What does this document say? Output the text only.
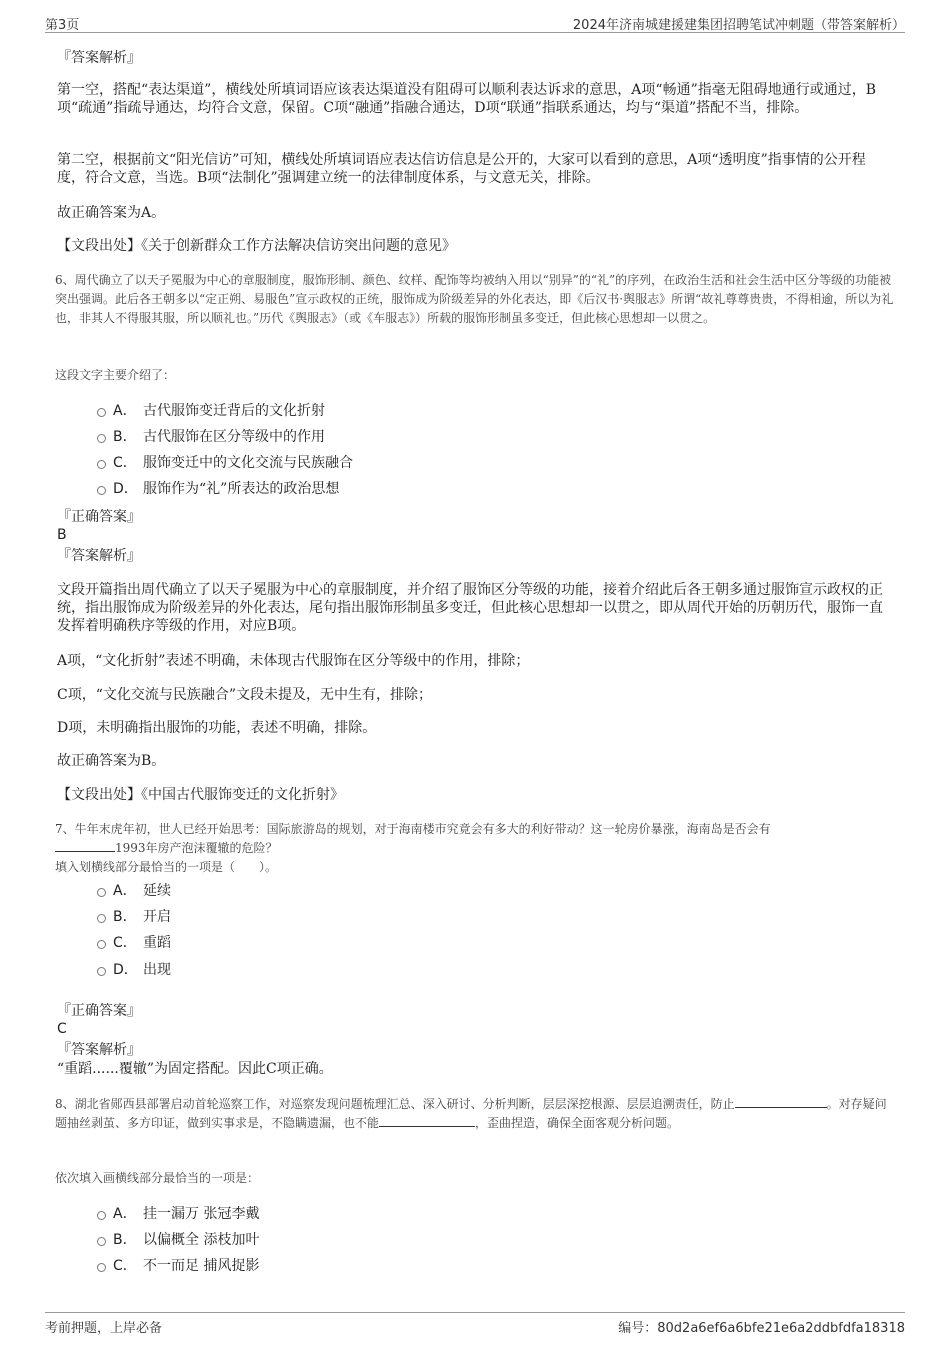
第3页	2024年济南城建援建集团招聘笔试冲刺题（带答案解析）
『答案解析』
第一空，搭配“表达渠道”，横线处所填词语应该表达渠道没有阻碍可以顺利表达诉求的意思，A项“畅通”指毫无阻碍地通行或通过，B项“疏通”指疏导通达，均符合文意，保留。C项“融通”指融合通达，D项“联通”指联系通达，均与“渠道”搭配不当，排除。
第二空，根据前文“阳光信访”可知，横线处所填词语应表达信访信息是公开的，大家可以看到的意思，A项“透明度”指事情的公开程度，符合文意，当选。B项“法制化”强调建立统一的法律制度体系，与文意无关，排除。
故正确答案为A。
【文段出处】《关于创新群众工作方法解决信访突出问题的意见》
6、周代确立了以天子冕服为中心的章服制度，服饰形制、颜色、纹样、配饰等均被纳入用以“别异”的“礼”的序列，在政治生活和社会生活中区分等级的功能被突出强调。此后各王朝多以“定正朔、易服色”宣示政权的正统，服饰成为阶级差异的外化表达，即《后汉书·舆服志》所谓“故礼尊尊贵贵，不得相逾，所以为礼也，非其人不得服其服，所以顺礼也。”历代《舆服志》（或《车服志》）所载的服饰形制虽多变迁，但此核心思想却一以贯之。
这段文字主要介绍了：
A． 古代服饰变迁背后的文化折射
B． 古代服饰在区分等级中的作用
C． 服饰变迁中的文化交流与民族融合
D． 服饰作为“礼”所表达的政治思想
『正确答案』
B
『答案解析』
文段开篇指出周代确立了以天子冕服为中心的章服制度，并介绍了服饰区分等级的功能，接着介绍此后各王朝多通过服饰宣示政权的正统，指出服饰成为阶级差异的外化表达，尾句指出服饰形制虽多变迁，但此核心思想却一以贯之，即从周代开始的历朝历代，服饰一直发挥着明确秩序等级的作用，对应B项。
A项，“文化折射”表述不明确，未体现古代服饰在区分等级中的作用，排除；
C项，“文化交流与民族融合”文段未提及，无中生有，排除；
D项，未明确指出服饰的功能，表述不明确，排除。
故正确答案为B。
【文段出处】《中国古代服饰变迁的文化折射》
7、牛年末虎年初，世人已经开始思考：国际旅游岛的规划，对于海南楼市究竟会有多大的利好带动？这一轮房价暴涨，海南岛是否会有
1993年房产泡沫覆辙的危险？
填入划横线部分最恰当的一项是（　　）。
A． 延续
B． 开启
C． 重蹈
D． 出现
『正确答案』
C
『答案解析』
“重蹈......覆辙”为固定搭配。因此C项正确。
8、湖北省郧西县部署启动首轮巡察工作，对巡察发现问题梳理汇总、深入研讨、分析判断，层层深挖根源、层层追溯责任，防止	。对存疑问题抽丝剥茧、多方印证，做到实事求是，不隐瞒遗漏，也不能	，歪曲捏造，确保全面客观分析问题。
依次填入画横线部分最恰当的一项是：
A． 挂一漏万 张冠李戴
B． 以偏概全 添枝加叶
C． 不一而足 捕风捉影
考前押题，上岸必备	编号：80d2a6ef6a6bfe21e6a2ddbfdfa18318
